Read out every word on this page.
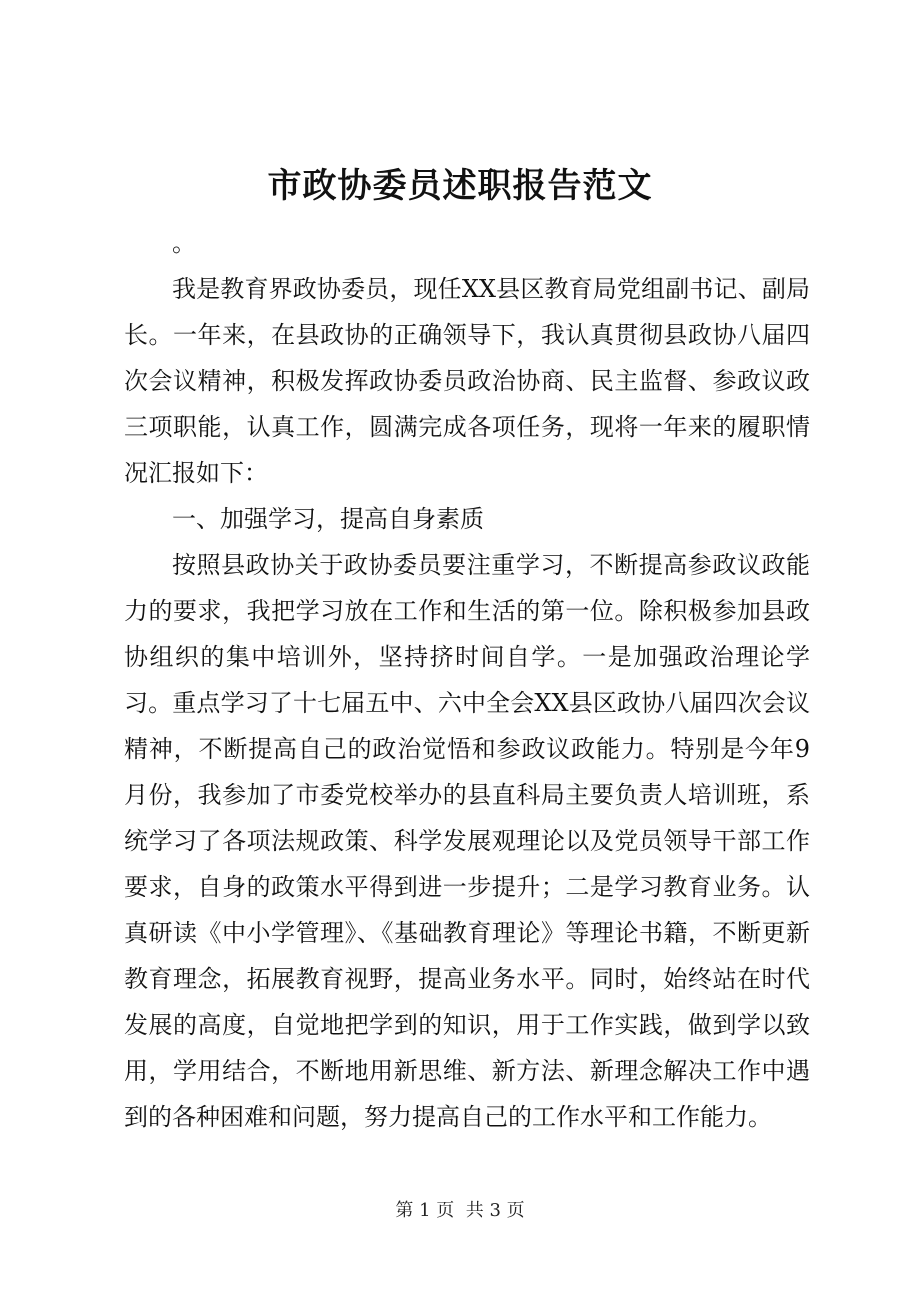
市政协委员述职报告范文

。

我是教育界政协委员，现任XX县区教育局党组副书记、副局长。一年来，在县政协的正确领导下，我认真贯彻县政协八届四次会议精神，积极发挥政协委员政治协商、民主监督、参政议政三项职能，认真工作，圆满完成各项任务，现将一年来的履职情况汇报如下：

一、加强学习，提高自身素质

按照县政协关于政协委员要注重学习，不断提高参政议政能力的要求，我把学习放在工作和生活的第一位。除积极参加县政协组织的集中培训外，坚持挤时间自学。一是加强政治理论学习。重点学习了十七届五中、六中全会XX县区政协八届四次会议精神，不断提高自己的政治觉悟和参政议政能力。特别是今年9月份，我参加了市委党校举办的县直科局主要负责人培训班，系统学习了各项法规政策、科学发展观理论以及党员领导干部工作要求，自身的政策水平得到进一步提升；二是学习教育业务。认真研读《中小学管理》、《基础教育理论》等理论书籍，不断更新教育理念，拓展教育视野，提高业务水平。同时，始终站在时代发展的高度，自觉地把学到的知识，用于工作实践，做到学以致用，学用结合，不断地用新思维、新方法、新理念解决工作中遇到的各种困难和问题，努力提高自己的工作水平和工作能力。

第 1 页 共 3 页
